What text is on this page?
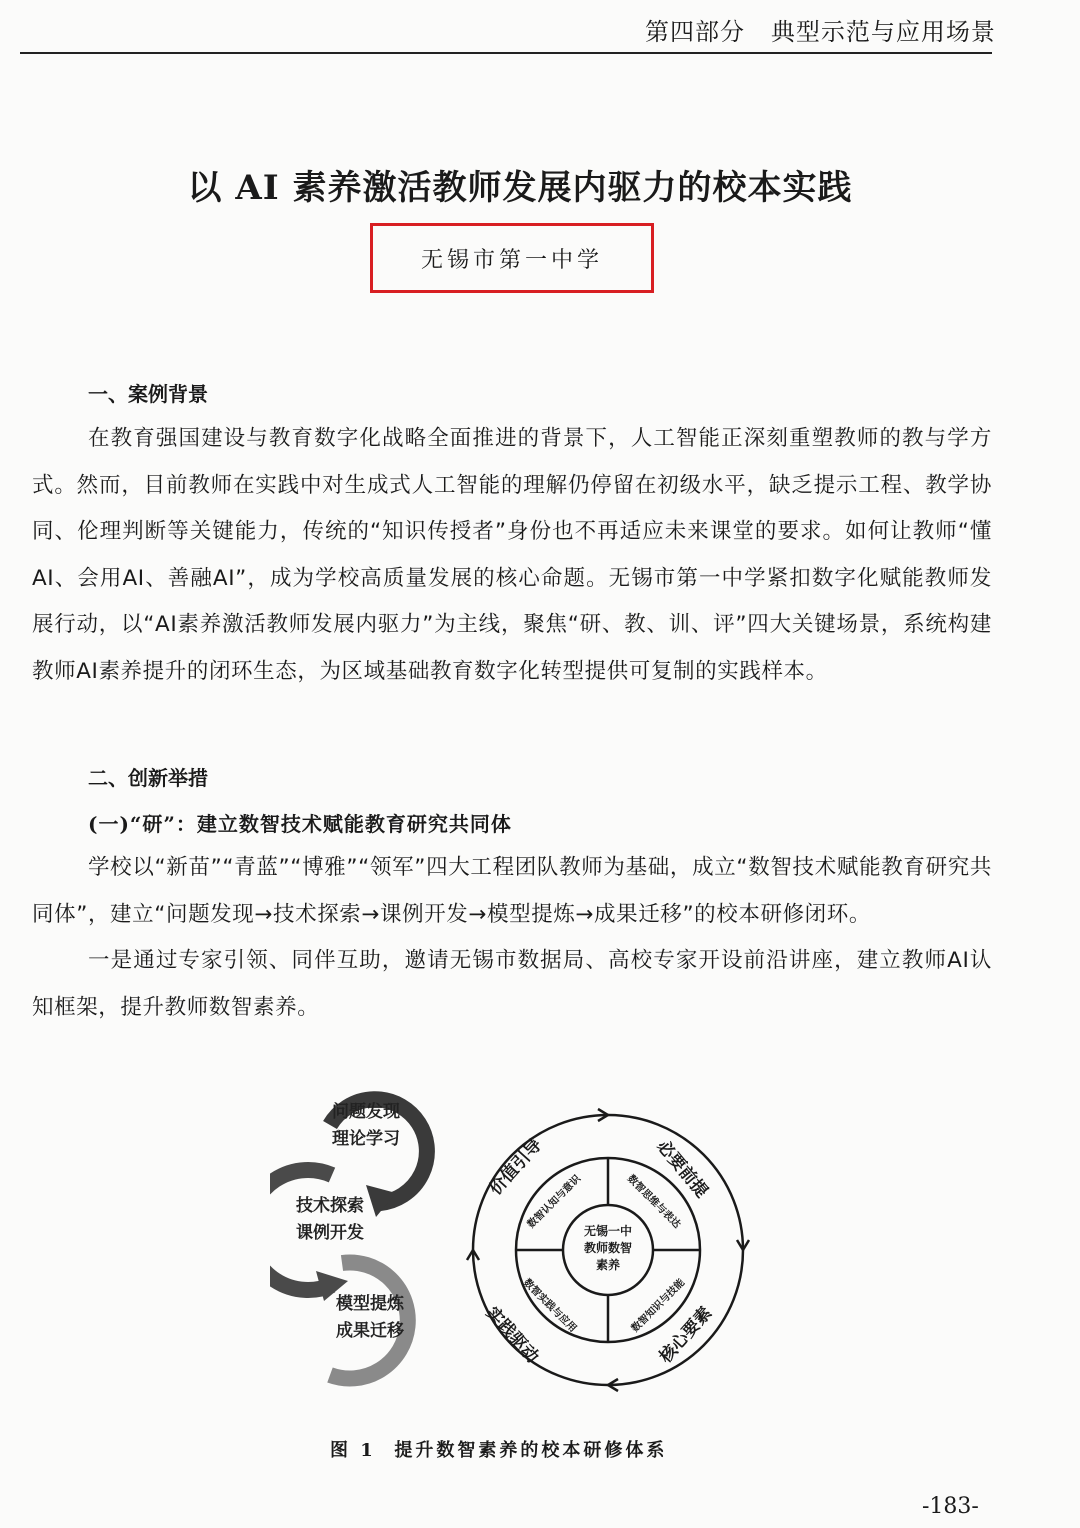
第四部分 典型示范与应用场景
以 AI 素养激活教师发展内驱力的校本实践
无锡市第一中学
一、案例背景
在教育强国建设与教育数字化战略全面推进的背景下，人工智能正深刻重塑教师的教与学方式。然而，目前教师在实践中对生成式人工智能的理解仍停留在初级水平，缺乏提示工程、教学协同、伦理判断等关键能力，传统的“知识传授者”身份也不再适应未来课堂的要求。如何让教师“懂AI、会用AI、善融AI”，成为学校高质量发展的核心命题。无锡市第一中学紧扣数字化赋能教师发展行动，以“AI素养激活教师发展内驱力”为主线，聚焦“研、教、训、评”四大关键场景，系统构建教师AI素养提升的闭环生态，为区域基础教育数字化转型提供可复制的实践样本。
二、创新举措
(一)“研”：建立数智技术赋能教育研究共同体
学校以“新苗”“青蓝”“博雅”“领军”四大工程团队教师为基础，成立“数智技术赋能教育研究共同体”，建立“问题发现→技术探索→课例开发→模型提炼→成果迁移”的校本研修闭环。
一是通过专家引领、同伴互助，邀请无锡市数据局、高校专家开设前沿讲座，建立教师AI认知框架，提升教师数智素养。
问题发现
理论学习
技术探索
课例开发
模型提炼
成果迁移
无锡一中
教师数智
素养
数智认知与意识	数智思维与表达
数智知识与技能
数智实践与应用
价值引导	必要前提
核心要素
实践驱动
图 1 提升数智素养的校本研修体系
-183-
